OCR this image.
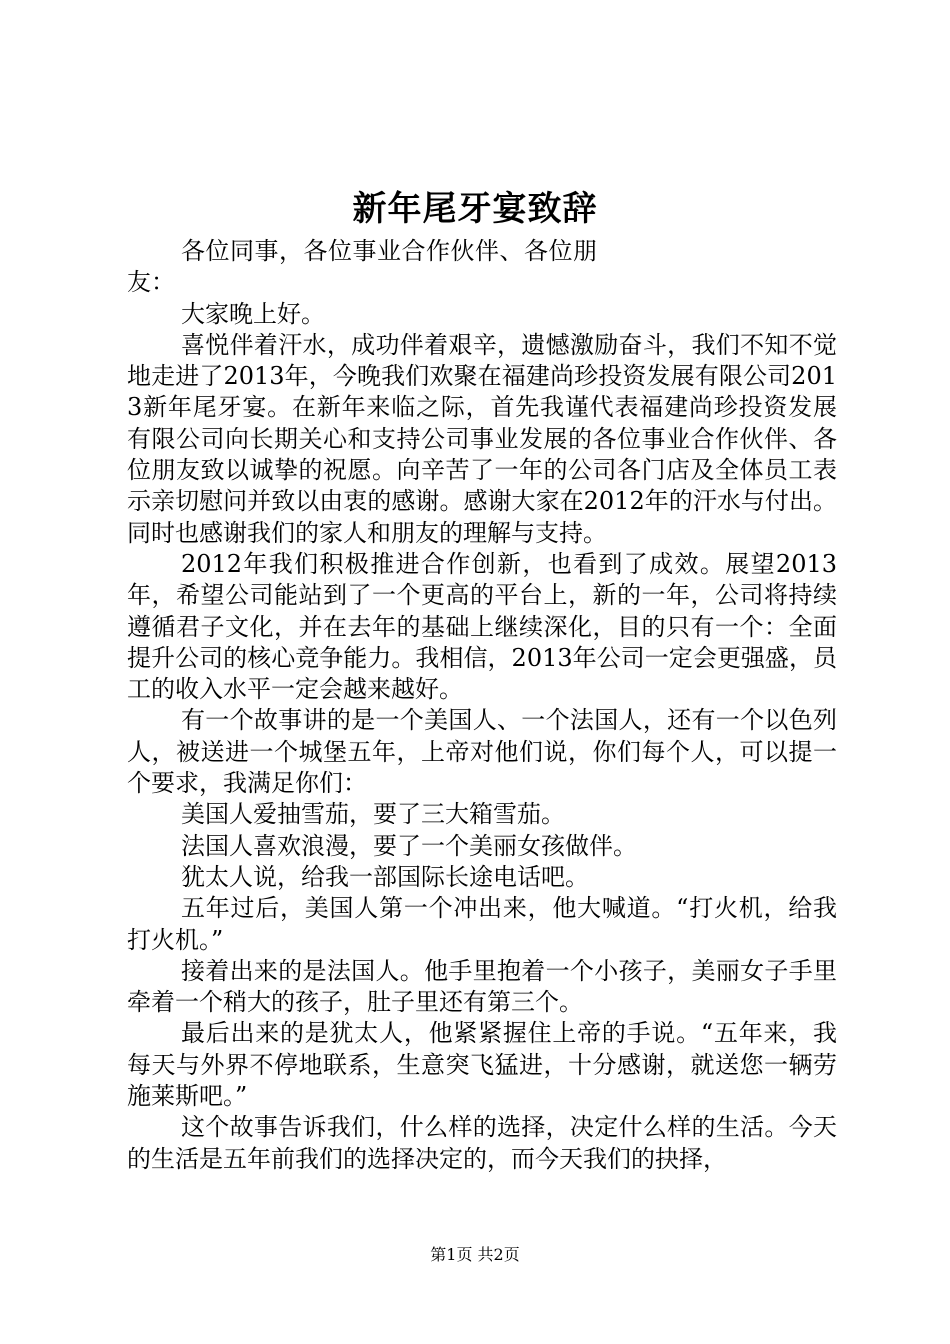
新年尾牙宴致辞

各位同事，各位事业合作伙伴、各位朋友：

大家晚上好。

喜悦伴着汗水，成功伴着艰辛，遗憾激励奋斗，我们不知不觉地走进了2013年，今晚我们欢聚在福建尚珍投资发展有限公司2013新年尾牙宴。在新年来临之际，首先我谨代表福建尚珍投资发展有限公司向长期关心和支持公司事业发展的各位事业合作伙伴、各位朋友致以诚挚的祝愿。向辛苦了一年的公司各门店及全体员工表示亲切慰问并致以由衷的感谢。感谢大家在2012年的汗水与付出。同时也感谢我们的家人和朋友的理解与支持。

2012年我们积极推进合作创新，也看到了成效。展望2013年，希望公司能站到了一个更高的平台上，新的一年，公司将持续遵循君子文化，并在去年的基础上继续深化，目的只有一个：全面提升公司的核心竞争能力。我相信，2013年公司一定会更强盛，员工的收入水平一定会越来越好。

有一个故事讲的是一个美国人、一个法国人，还有一个以色列人，被送进一个城堡五年，上帝对他们说，你们每个人，可以提一个要求，我满足你们：

美国人爱抽雪茄，要了三大箱雪茄。

法国人喜欢浪漫，要了一个美丽女孩做伴。

犹太人说，给我一部国际长途电话吧。

五年过后，美国人第一个冲出来，他大喊道。“打火机，给我打火机。”

接着出来的是法国人。他手里抱着一个小孩子，美丽女子手里牵着一个稍大的孩子，肚子里还有第三个。

最后出来的是犹太人，他紧紧握住上帝的手说。“五年来，我每天与外界不停地联系，生意突飞猛进，十分感谢，就送您一辆劳施莱斯吧。”

这个故事告诉我们，什么样的选择，决定什么样的生活。今天的生活是五年前我们的选择决定的，而今天我们的抉择，

第1页 共2页
